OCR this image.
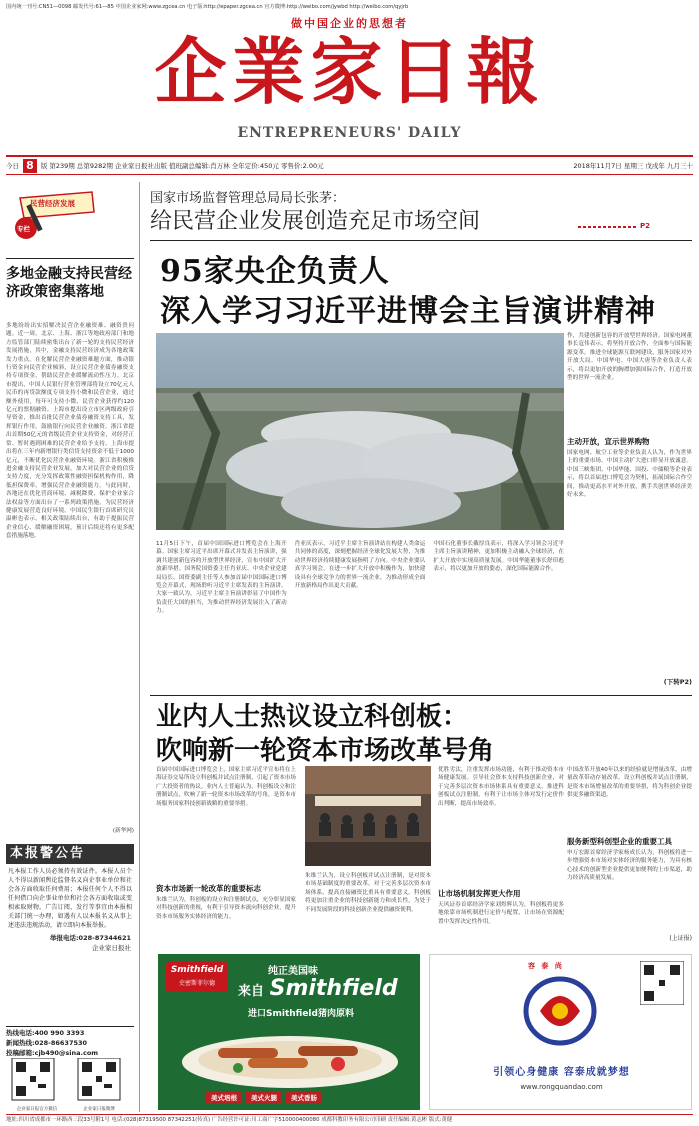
国内统一刊号:CN51—0098 邮发代号:61—85 中国企业家网:www.zgcea.cn 电子版:http://epaper.zgcea.cn 官方微博:http://weibo.com/jywbd http://weibo.com/qyjrb
做中国企业的思想者
企業家日報
ENTREPRENEURS' DAILY
今日 8 版 第239期 总第9282期 企业家日报社出版 值班副总编辑:肖万林 全年定价:450元 零售价:2.00元	2018年11月7日 星期三 戊戌年 九月三十
民营经济发展
专栏
多地金融支持民营经济政策密集落地
多地纷纷出实招解决民营企业融资难、融资贵问题。近一周，北京、上海、浙江等地政府部门和地方监管部门陆续密集出台了新一轮的支持民营经济发展措施，其中，金融支持民营经济成为各地政策发力重点。在化解民营企业融资难题方面，推动银行资金向民营企业倾斜，设立民营企业债券融资支持专项资金，帮助民营企业缓解流动性压力。北京市提出，中国人民银行营业管理部将设立70亿元人民币的再贷款额度专项支持小微和民营企业，通过额外使用，每年可支持小微、民营企业获得约120亿元的票据融资。上海市提出设立市区两级政府引导资金，推出首批民营企业债券融资支持工具，发挥银行作用，鼓励银行向民营企业融资。浙江省提出首期50亿元的省级民营企业支持资金，对经营正常、暂时遇到困难的民营企业给予支持。上海市提出将在三年内新增银行类信贷支持资金不低于1000亿元，不断优化民营企业融资环境。浙江省积极推进金融支持民营企业发展，加大对民营企业的信贷支持力度，充分发挥政策性融资担保机构作用，降低担保费率，增强民营企业融资能力。与此同时，各地还在优化营商环境、减税降费、保护企业家合法权益等方面出台了一系列政策措施，为民营经济健康发展营造良好环境。中国民生银行首席研究员温彬也表示，相关政策陆续出台，有助于提振民营企业信心、缓解融资困境，预计后续还将有更多配套措施落地。
(新华网)
本报警公告
凡本报工作人员必须持有效证件。本报人员个人不得以新闻舆论监督名义向企事业单位和社会各方面收取任何费用；本报任何个人不得以任何借口向企事业单位和社会各方面收取或变相索取财物。广告订阅、发行等事宜由本报相关部门统一办理，如遇有人以本报名义从事上述违法违规活动，请立即向本报举报。
举报电话:028-87344621
企业家日报社
热线电话:400 990 3393
新闻热线:028-86637530
投稿邮箱:cjb490@sina.com
企业家日报官方微信	企业家日报微博
国家市场监督管理总局局长张茅：
给民营企业发展创造充足市场空间	P2
95家央企负责人
深入学习习近平进博会主旨演讲精神
11月5日下午，首届中国国际进口博览会在上海开幕。国家主席习近平出席开幕式并发表主旨演讲，强调共建创新包容的开放型世界经济，宣布中国扩大开放新举措。国务院国资委主任肖亚庆、中央企业党建局局长、国资委副主任等人参加首届中国国际进口博览会开幕式，现场聆听习近平主席发表的主旨演讲。大家一致认为，习近平主席主旨演讲彰显了中国作为负责任大国的担当，为推动世界经济发展注入了新动力。
肖亚庆表示，习近平主席主旨演讲站在构建人类命运共同体的高度，深刻把握经济全球化发展大势，为推动世界经济持续健康发展指明了方向。中央企业要认真学习领会，在进一步扩大开放中积极作为，加快建设具有全球竞争力的世界一流企业，为推动形成全面开放新格局作出更大贡献。
中国石化董事长戴厚良表示，将深入学习领会习近平主席主旨演讲精神，更加积极主动融入全球经济，在扩大开放中实现高质量发展。中国华能董事长舒印彪表示，将以更加开放的姿态，深化国际能源合作。
作，共建创新包容的开放型世界经济。国家电网董事长寇伟表示，将坚持开放合作，全面参与国际能源变革，推进全球能源互联网建设，服务国家对外开放大局。中国华电、中国大唐等企业负责人表示，将以更加开放的胸襟加强国际合作，打造开放型的世界一流企业。
主动开放，宣示世界购物
国家电网、航空工业等企业负责人认为，作为世界上的重要市场，中国主动扩大进口彰显开放诚意。中国三峡集团、中国华能、国投、中储粮等企业表示，将以首届进口博览会为契机，拓展国际合作空间，推动更高水平对外开放，携手共创世界经济美好未来。
(下转P2)
业内人士热议设立科创板：
吹响新一轮资本市场改革号角
首届中国国际进口博览会上，国家主席习近平宣布将在上海证券交易所设立科创板并试点注册制，引起了资本市场广大投资者的热议。业内人士普遍认为，科创板设立和注册制试点，吹响了新一轮资本市场改革的号角，是资本市场服务国家科技创新战略的重要举措。
资本市场新一轮改革的重要标志
朱维兰认为，科创板的设立和注册制试点，充分彰显国家对科技创新的重视，有利于引导资本流向科创企业，提升资本市场服务实体经济的能力。
朱维兰认为，设立科创板并试点注册制，是对资本市场基础制度的重要改革，对于完善多层次资本市场体系、提高直接融资比重具有重要意义。科创板将更加注重企业的科技创新能力和成长性，为处于不同发展阶段的科技创新企业提供融资便利。
优胜劣汰，注重发挥市场功能，有利于推动资本市场健康发展。引导社会资本支持科技创新企业，对于完善多层次资本市场体系具有重要意义。推进科创板试点注册制，有利于让市场主体对发行定价作出判断，提高市场效率。
让市场机制发挥更大作用
天风证券首席经济学家刘煜辉认为，科创板将更多地依靠市场机制进行定价与配置，让市场在资源配置中发挥决定性作用。
中国改革开放40年以来的经验就是增量改革，由增量改革带动存量改革。设立科创板并试点注册制，是资本市场增量改革的重要举措，将为科创企业提供更多融资渠道。
服务新型科创型企业的重要工具
申万宏源首席经济学家杨成长认为，科创板将进一步增强资本市场对实体经济的服务能力，为具有核心技术的创新型企业提供更加便利的上市渠道，助力经济高质量发展。
(上证报)
Smithfield
史密斯菲尔德
纯正美国味
来自 Smithfield
进口Smithfield猪肉原料
美式培根	美式火腿	美式香肠
容 泰 尚
引领心身健康 容泰成就梦想
www.rongquandao.com
地址:四川省成都市一环路西三段33号附1号 电话:(028)87319500 87342251(传真) 广告经营许可证:川工商广字510000400080 成都科教印务有限公司印刷 责任编辑:黄志彬 版式:黄健
